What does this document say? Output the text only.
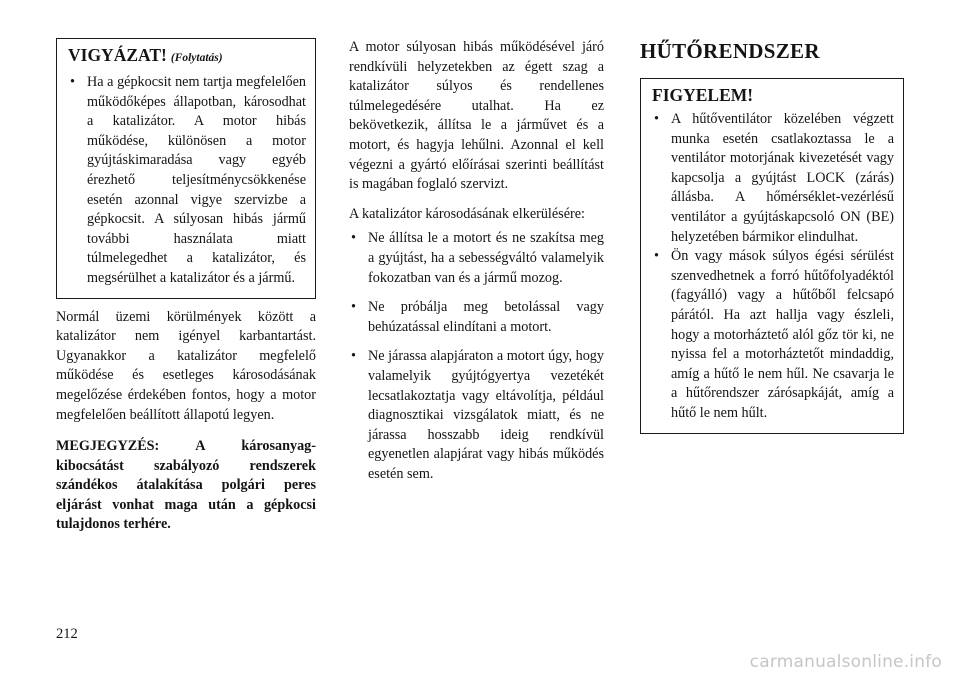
VIGYÁZAT! (Folytatás)
• Ha a gépkocsit nem tartja megfelelően működőképes állapotban, károsodhat a katalizátor. A motor hibás működése, különösen a motor gyújtáskimaradása vagy egyéb érezhető teljesítménycsökkenése esetén azonnal vigye szervizbe a gépkocsit. A súlyosan hibás jármű további használata miatt túlmelegedhet a katalizátor, és megsérülhet a katalizátor és a jármű.

Normál üzemi körülmények között a katalizátor nem igényel karbantartást. Ugyanakkor a katalizátor megfelelő működése és esetleges károsodásának megelőzése érdekében fontos, hogy a motor megfelelően beállított állapotú legyen.

MEGJEGYZÉS: A károsanyag-kibocsátást szabályozó rendszerek szándékos átalakítása polgári peres eljárást vonhat maga után a gépkocsi tulajdonos terhére.

A motor súlyosan hibás működésével járó rendkívüli helyzetekben az égett szag a katalizátor súlyos és rendellenes túlmelegedésére utalhat. Ha ez bekövetkezik, állítsa le a járművet és a motort, és hagyja lehűlni. Azonnal el kell végezni a gyártó előírásai szerinti beállítást is magában foglaló szervizt.

A katalizátor károsodásának elkerülésére:

• Ne állítsa le a motort és ne szakítsa meg a gyújtást, ha a sebességváltó valamelyik fokozatban van és a jármű mozog.
• Ne próbálja meg betolással vagy behúzatással elindítani a motort.
• Ne járassa alapjáraton a motort úgy, hogy valamelyik gyújtógyertya vezetékét lecsatlakoztatja vagy eltávolítja, például diagnosztikai vizsgálatok miatt, és ne járassa hosszabb ideig rendkívül egyenetlen alapjárat vagy hibás működés esetén sem.
HŰTŐRENDSZER
FIGYELEM!
• A hűtőventilátor közelében végzett munka esetén csatlakoztassa le a ventilátor motorjának kivezetését vagy kapcsolja a gyújtást LOCK (zárás) állásba. A hőmérséklet-vezérlésű ventilátor a gyújtáskapcsoló ON (BE) helyzetében bármikor elindulhat.
• Ön vagy mások súlyos égési sérülést szenvedhetnek a forró hűtőfolyadéktól (fagyálló) vagy a hűtőből felcsapó párától. Ha azt hallja vagy észleli, hogy a motorháztető alól gőz tör ki, ne nyissa fel a motorháztetőt mindaddig, amíg a hűtő le nem hűl. Ne csavarja le a hűtőrendszer zárósapkáját, amíg a hűtő le nem hűlt.
212
carmanualsonline.info
